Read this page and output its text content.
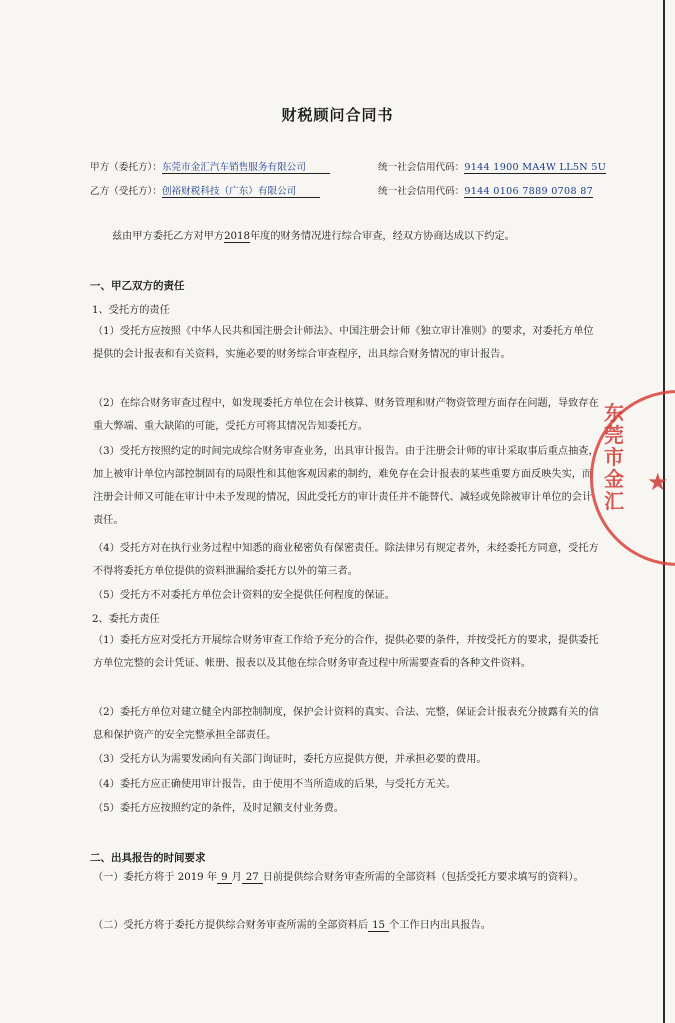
财税顾问合同书
甲方（委托方）：东莞市金汇汽车销售服务有限公司	统一社会信用代码：9144 1900 MA4W LL5N 5U
乙方（受托方）：创裕财税科技（广东）有限公司	统一社会信用代码：9144 0106 7889 0708 87
兹由甲方委托乙方对甲方2018年度的财务情况进行综合审查，经双方协商达成以下约定。
一、甲乙双方的责任
1、受托方的责任
（1）受托方应按照《中华人民共和国注册会计师法》、中国注册会计师《独立审计准则》的要求，对委托方单位提供的会计报表和有关资料，实施必要的财务综合审查程序，出具综合财务情况的审计报告。
（2）在综合财务审查过程中，如发现委托方单位在会计核算、财务管理和财产物资管理方面存在问题，导致存在重大弊端、重大缺陷的可能，受托方可将其情况告知委托方。
（3）受托方按照约定的时间完成综合财务审查业务，出具审计报告。由于注册会计师的审计采取事后重点抽查，加上被审计单位内部控制固有的局限性和其他客观因素的制约，难免存在会计报表的某些重要方面反映失实，而注册会计师又可能在审计中未予发现的情况，因此受托方的审计责任并不能替代、减轻或免除被审计单位的会计责任。
（4）受托方对在执行业务过程中知悉的商业秘密负有保密责任。除法律另有规定者外，未经委托方同意，受托方不得将委托方单位提供的资料泄漏给委托方以外的第三者。
（5）受托方不对委托方单位会计资料的安全提供任何程度的保证。
2、委托方责任
（1）委托方应对受托方开展综合财务审查工作给予充分的合作，提供必要的条件，并按受托方的要求，提供委托方单位完整的会计凭证、帐册、报表以及其他在综合财务审查过程中所需要查看的各种文件资料。
（2）委托方单位对建立健全内部控制制度，保护会计资料的真实、合法、完整，保证会计报表充分披露有关的信息和保护资产的安全完整承担全部责任。
（3）受托方认为需要发函向有关部门询证时，委托方应提供方便，并承担必要的费用。
（4）委托方应正确使用审计报告，由于使用不当所造成的后果，与受托方无关。
（5）委托方应按照约定的条件，及时足额支付业务费。
二、出具报告的时间要求
（一）委托方将于 2019 年 9 月 27 日前提供综合财务审查所需的全部资料（包括受托方要求填写的资料）。
（二）受托方将于委托方提供综合财务审查所需的全部资料后 15 个工作日内出具报告。
东
莞
市
金
汇
★
